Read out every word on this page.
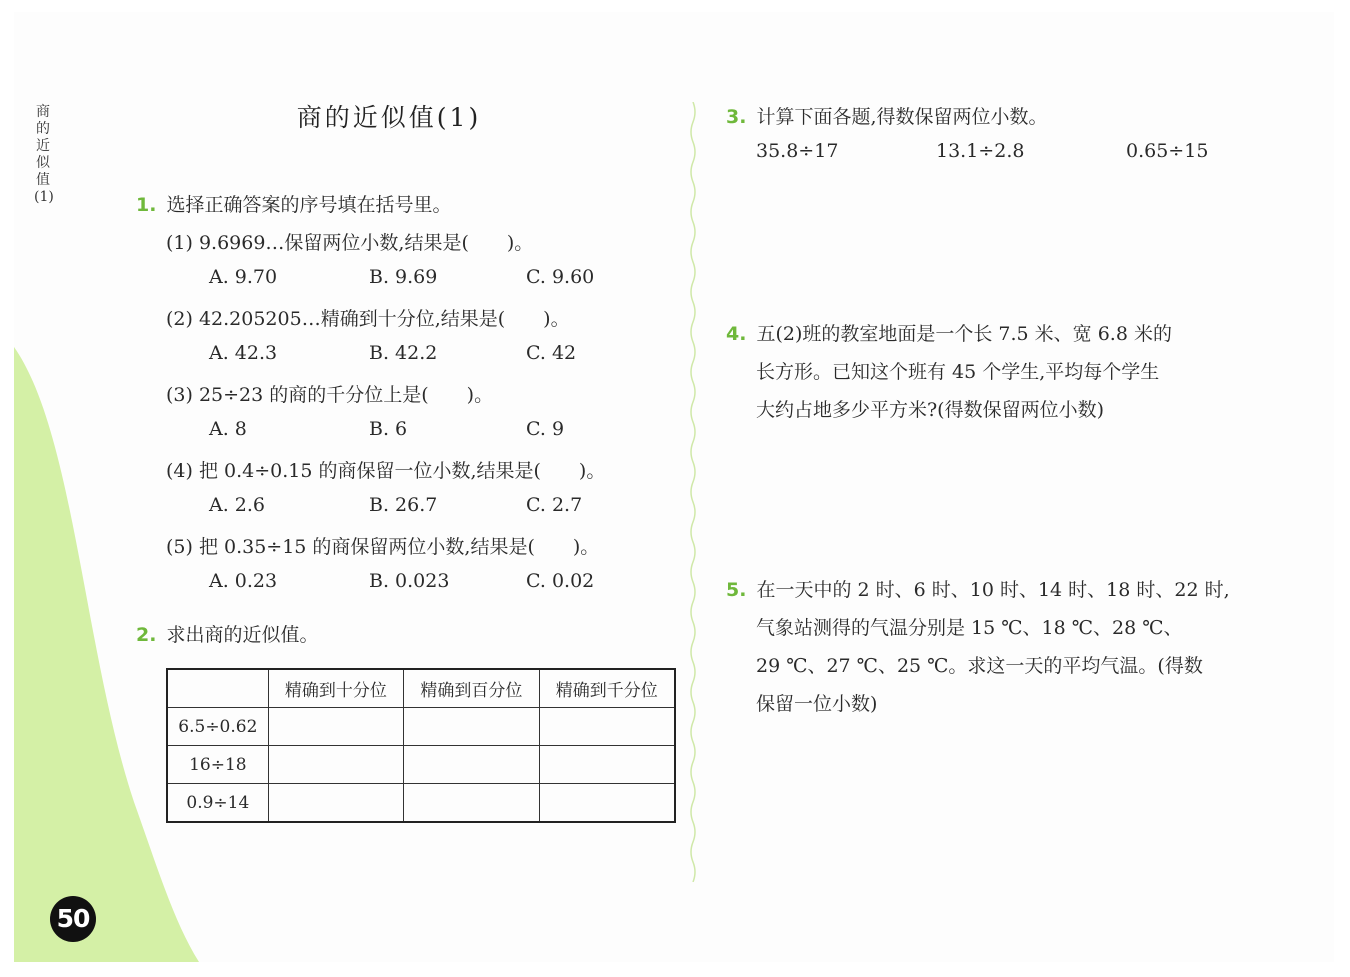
商的近似值(1)
50
商的近似值(1)
1. 选择正确答案的序号填在括号里。
(1) 9.6969…保留两位小数,结果是(　　)。
A. 9.70	B. 9.69	C. 9.60
(2) 42.205205…精确到十分位,结果是(　　)。
A. 42.3	B. 42.2	C. 42
(3) 25÷23 的商的千分位上是(　　)。
A. 8	B. 6	C. 9
(4) 把 0.4÷0.15 的商保留一位小数,结果是(　　)。
A. 2.6	B. 26.7	C. 2.7
(5) 把 0.35÷15 的商保留两位小数,结果是(　　)。
A. 0.23	B. 0.023	C. 0.02
2. 求出商的近似值。
	精确到十分位	精确到百分位	精确到千分位
6.5÷0.62			
16÷18			
0.9÷14			
3. 计算下面各题,得数保留两位小数。
35.8÷17	13.1÷2.8	0.65÷15
4. 五(2)班的教室地面是一个长 7.5 米、宽 6.8 米的
长方形。已知这个班有 45 个学生,平均每个学生
大约占地多少平方米?(得数保留两位小数)
5. 在一天中的 2 时、6 时、10 时、14 时、18 时、22 时,
气象站测得的气温分别是 15 ℃、18 ℃、28 ℃、
29 ℃、27 ℃、25 ℃。求这一天的平均气温。(得数
保留一位小数)
